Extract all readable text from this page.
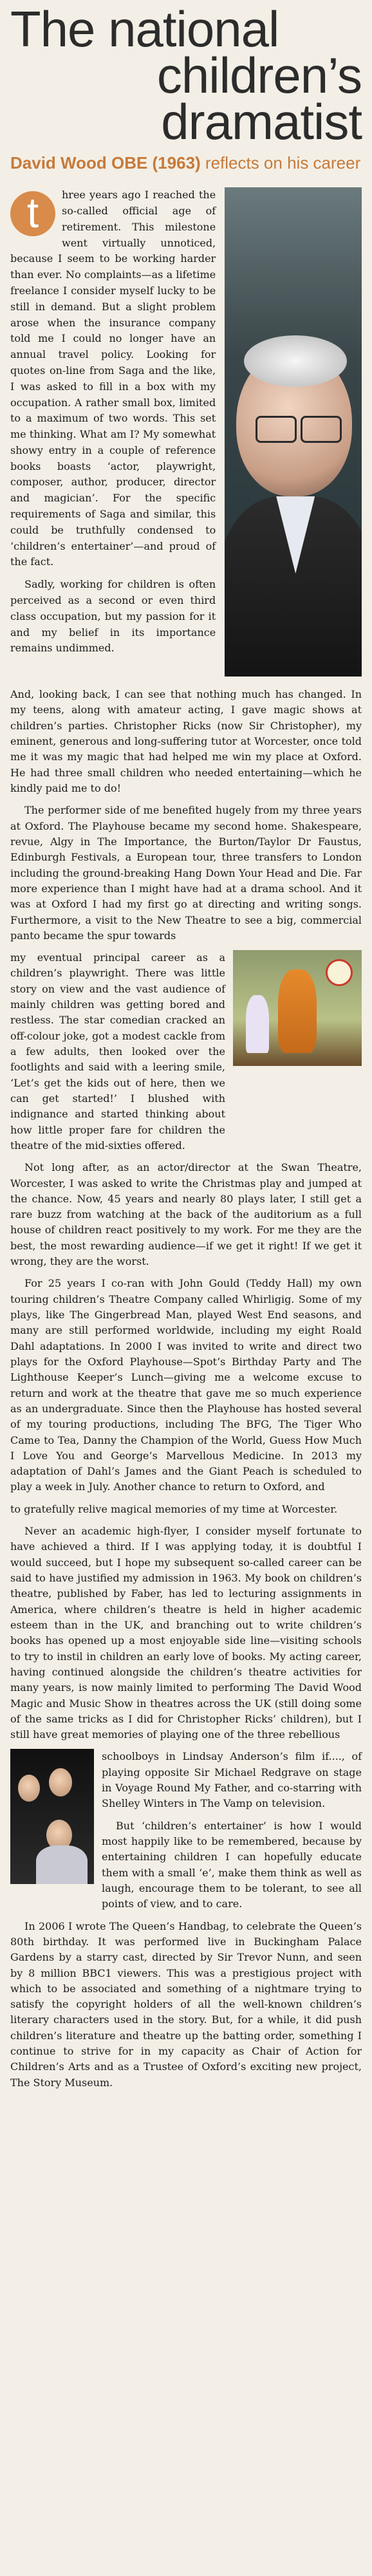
The national
children’s
dramatist
David Wood OBE (1963) reflects on his career

t	hree years ago I reached the so-called official age of retirement. This milestone went virtually unnoticed, because I seem to be working harder than ever. No complaints—as a lifetime freelance I consider myself lucky to be still in demand. But a slight problem arose when the insurance company told me I could no longer have an annual travel policy. Looking for quotes on-line from Saga and the like, I was asked to fill in a box with my occupation. A rather small box, limited to a maximum of two words. This set me thinking. What am I? My somewhat showy entry in a couple of reference books boasts ‘actor, playwright, composer, author, producer, director and magician’. For the specific requirements of Saga and similar, this could be truthfully condensed to ‘children’s entertainer’—and proud of the fact.

Sadly, working for children is often perceived as a second or even third class occupation, but my passion for it and my belief in its importance remains undimmed.

And, looking back, I can see that nothing much has changed. In my teens, along with amateur acting, I gave magic shows at children’s parties. Christopher Ricks (now Sir Christopher), my eminent, generous and long-suffering tutor at Worcester, once told me it was my magic that had helped me win my place at Oxford. He had three small children who needed entertaining—which he kindly paid me to do!

The performer side of me benefited hugely from my three years at Oxford. The Playhouse became my second home. Shakespeare, revue, Algy in The Importance, the Burton/Taylor Dr Faustus, Edinburgh Festivals, a European tour, three transfers to London including the ground-breaking Hang Down Your Head and Die. Far more experience than I might have had at a drama school. And it was at Oxford I had my first go at directing and writing songs. Furthermore, a visit to the New Theatre to see a big, commercial panto became the spur towards

my eventual principal career as a children’s playwright. There was little story on view and the vast audience of mainly children was getting bored and restless. The star comedian cracked an off-colour joke, got a modest cackle from a few adults, then looked over the footlights and said with a leering smile, ‘Let’s get the kids out of here, then we can get started!’ I blushed with indignance and started thinking about how little proper fare for children the theatre of the mid-sixties offered.

Not long after, as an actor/director at the Swan Theatre, Worcester, I was asked to write the Christmas play and jumped at the chance. Now, 45 years and nearly 80 plays later, I still get a rare buzz from watching at the back of the auditorium as a full house of children react positively to my work. For me they are the best, the most rewarding audience—if we get it right! If we get it wrong, they are the worst.

For 25 years I co-ran with John Gould (Teddy Hall) my own touring children’s Theatre Company called Whirligig. Some of my plays, like The Gingerbread Man, played West End seasons, and many are still performed worldwide, including my eight Roald Dahl adaptations. In 2000 I was invited to write and direct two plays for the Oxford Playhouse—Spot’s Birthday Party and The Lighthouse Keeper’s Lunch—giving me a welcome excuse to return and work at the theatre that gave me so much experience as an undergraduate. Since then the Playhouse has hosted several of my touring productions, including The BFG, The Tiger Who Came to Tea, Danny the Champion of the World, Guess How Much I Love You and George’s Marvellous Medicine. In 2013 my adaptation of Dahl’s James and the Giant Peach is scheduled to play a week in July. Another chance to return to Oxford, and

to gratefully relive magical memories of my time at Worcester.

Never an academic high-flyer, I consider myself fortunate to have achieved a third. If I was applying today, it is doubtful I would succeed, but I hope my subsequent so-called career can be said to have justified my admission in 1963. My book on children’s theatre, published by Faber, has led to lecturing assignments in America, where children’s theatre is held in higher academic esteem than in the UK, and branching out to write children’s books has opened up a most enjoyable side line—visiting schools to try to instil in children an early love of books. My acting career, having continued alongside the children’s theatre activities for many years, is now mainly limited to performing The David Wood Magic and Music Show in theatres across the UK (still doing some of the same tricks as I did for Christopher Ricks’ children), but I still have great memories of playing one of the three rebellious

schoolboys in Lindsay Anderson’s film if...., of playing opposite Sir Michael Redgrave on stage in Voyage Round My Father, and co-starring with Shelley Winters in The Vamp on television.

But ‘children’s entertainer’ is how I would most happily like to be remembered, because by entertaining children I can hopefully educate them with a small ‘e’, make them think as well as laugh, encourage them to be tolerant, to see all points of view, and to care.

In 2006 I wrote The Queen’s Handbag, to celebrate the Queen’s 80th birthday. It was performed live in Buckingham Palace Gardens by a starry cast, directed by Sir Trevor Nunn, and seen by 8 million BBC1 viewers. This was a prestigious project with which to be associated and something of a nightmare trying to satisfy the copyright holders of all the well-known children’s literary characters used in the story. But, for a while, it did push children’s literature and theatre up the batting order, something I continue to strive for in my capacity as Chair of Action for Children’s Arts and as a Trustee of Oxford’s exciting new project, The Story Museum.
